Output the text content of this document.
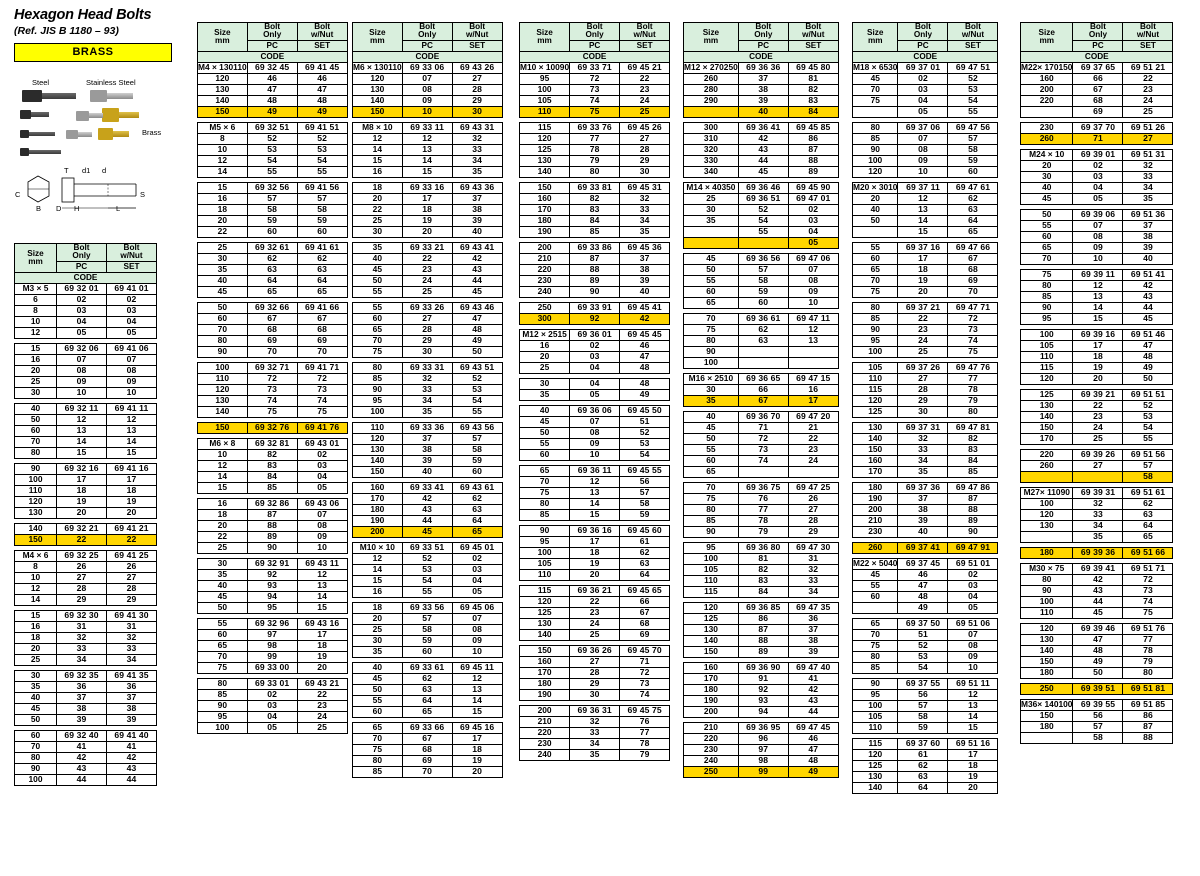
Hexagon Head Bolts
(Ref. JIS B 1180 – 93)
BRASS
Steel	Stainless Steel
Brass
C
B
T
D
d1 d
H	L
S
Size
mm	Bolt
Only	Bolt
w/Nut
	PC	SET
CODE		
M3 × 5	69 32 01	69 41 01
6	02	02
8	03	03
10	04	04
12	05	05

15	69 32 06	69 41 06
16	07	07
20	08	08
25	09	09
30	10	10

40	69 32 11	69 41 11
50	12	12
60	13	13
70	14	14
80	15	15

90	69 32 16	69 41 16
100	17	17
110	18	18
120	19	19
130	20	20

140	69 32 21	69 41 21
150	22	22

M4 × 6	69 32 25	69 41 25
8	26	26
10	27	27
12	28	28
14	29	29

15	69 32 30	69 41 30
16	31	31
18	32	32
20	33	33
25	34	34

30	69 32 35	69 41 35
35	36	36
40	37	37
45	38	38
50	39	39

60	69 32 40	69 41 40
70	41	41
80	42	42
90	43	43
100	44	44
Size
mm	Bolt
Only	Bolt
w/Nut
	PC	SET
CODE		
M4 × 130110	69 32 45	69 41 45
120	46	46
130	47	47
140	48	48
150	49	49

M5 × 6	69 32 51	69 41 51
8	52	52
10	53	53
12	54	54
14	55	55

15	69 32 56	69 41 56
16	57	57
18	58	58
20	59	59
22	60	60

25	69 32 61	69 41 61
30	62	62
35	63	63
40	64	64
45	65	65

50	69 32 66	69 41 66
60	67	67
70	68	68
80	69	69
90	70	70

100	69 32 71	69 41 71
110	72	72
120	73	73
130	74	74
140	75	75

150	69 32 76	69 41 76

M6 × 8	69 32 81	69 43 01
10	82	02
12	83	03
14	84	04
15	85	05

16	69 32 86	69 43 06
18	87	07
20	88	08
22	89	09
25	90	10

30	69 32 91	69 43 11
35	92	12
40	93	13
45	94	14
50	95	15

55	69 32 96	69 43 16
60	97	17
65	98	18
70	99	19
75	69 33 00	20

80	69 33 01	69 43 21
85	02	22
90	03	23
95	04	24
100	05	25
Size
mm	Bolt
Only	Bolt
w/Nut
	PC	SET
CODE		
M6 × 130110	69 33 06	69 43 26
120	07	27
130	08	28
140	09	29
150	10	30

M8 × 10	69 33 11	69 43 31
12	12	32
14	13	33
15	14	34
16	15	35

18	69 33 16	69 43 36
20	17	37
22	18	38
25	19	39
30	20	40

35	69 33 21	69 43 41
40	22	42
45	23	43
50	24	44
55	25	45

55	69 33 26	69 43 46
60	27	47
65	28	48
70	29	49
75	30	50

80	69 33 31	69 43 51
85	32	52
90	33	53
95	34	54
100	35	55

110	69 33 36	69 43 56
120	37	57
130	38	58
140	39	59
150	40	60

160	69 33 41	69 43 61
170	42	62
180	43	63
190	44	64
200	45	65

M10 × 10	69 33 51	69 45 01
12	52	02
14	53	03
15	54	04
16	55	05

18	69 33 56	69 45 06
20	57	07
25	58	08
30	59	09
35	60	10

40	69 33 61	69 45 11
45	62	12
50	63	13
55	64	14
60	65	15

65	69 33 66	69 45 16
70	67	17
75	68	18
80	69	19
85	70	20
Size
mm	Bolt
Only	Bolt
w/Nut
	PC	SET
CODE		
M10 × 10090	69 33 71	69 45 21
95	72	22
100	73	23
105	74	24
110	75	25

115	69 33 76	69 45 26
120	77	27
125	78	28
130	79	29
140	80	30

150	69 33 81	69 45 31
160	82	32
170	83	33
180	84	34
190	85	35

200	69 33 86	69 45 36
210	87	37
220	88	38
230	89	39
240	90	40

250	69 33 91	69 45 41
300	92	42

M12 × 2515	69 36 01	69 45 45
16	02	46
20	03	47
25	04	48

30	04	48
35	05	49

40	69 36 06	69 45 50
45	07	51
50	08	52
55	09	53
60	10	54

65	69 36 11	69 45 55
70	12	56
75	13	57
80	14	58
85	15	59

90	69 36 16	69 45 60
95	17	61
100	18	62
105	19	63
110	20	64

115	69 36 21	69 45 65
120	22	66
125	23	67
130	24	68
140	25	69

150	69 36 26	69 45 70
160	27	71
170	28	72
180	29	73
190	30	74

200	69 36 31	69 45 75
210	32	76
220	33	77
230	34	78
240	35	79
Size
mm	Bolt
Only	Bolt
w/Nut
	PC	SET
CODE		
M12 × 270250	69 36 36	69 45 80
260	37	81
280	38	82
290	39	83
	40	84

300	69 36 41	69 45 85
310	42	86
320	43	87
330	44	88
340	45	89

M14 × 40350	69 36 46	69 45 90
25	69 36 51	69 47 01
30	52	02
35	54	03
	55	04
		05

45	69 36 56	69 47 06
50	57	07
55	58	08
60	59	09
65	60	10

70	69 36 61	69 47 11
75	62	12
80	63	13
90		
100		

M16 × 2510	69 36 65	69 47 15
30	66	16
35	67	17

40	69 36 70	69 47 20
45	71	21
50	72	22
55	73	23
60	74	24
65		

70	69 36 75	69 47 25
75	76	26
80	77	27
85	78	28
90	79	29

95	69 36 80	69 47 30
100	81	31
105	82	32
110	83	33
115	84	34

120	69 36 85	69 47 35
125	86	36
130	87	37
140	88	38
150	89	39

160	69 36 90	69 47 40
170	91	41
180	92	42
190	93	43
200	94	44

210	69 36 95	69 47 45
220	96	46
230	97	47
240	98	48
250	99	49
Size
mm	Bolt
Only	Bolt
w/Nut
	PC	SET
CODE		
M18 × 6530	69 37 01	69 47 51
45	02	52
70	03	53
75	04	54
	05	55

80	69 37 06	69 47 56
85	07	57
90	08	58
100	09	59
120	10	60

M20 × 3010	69 37 11	69 47 61
20	12	62
40	13	63
50	14	64
	15	65

55	69 37 16	69 47 66
60	17	67
65	18	68
70	19	69
75	20	70

80	69 37 21	69 47 71
85	22	72
90	23	73
95	24	74
100	25	75

105	69 37 26	69 47 76
110	27	77
115	28	78
120	29	79
125	30	80

130	69 37 31	69 47 81
140	32	82
150	33	83
160	34	84
170	35	85

180	69 37 36	69 47 86
190	37	87
200	38	88
210	39	89
230	40	90

260	69 37 41	69 47 91

M22 × 5040	69 37 45	69 51 01
45	46	02
55	47	03
60	48	04
	49	05

65	69 37 50	69 51 06
70	51	07
75	52	08
80	53	09
85	54	10

90	69 37 55	69 51 11
95	56	12
100	57	13
105	58	14
110	59	15

115	69 37 60	69 51 16
120	61	17
125	62	18
130	63	19
140	64	20
Size
mm	Bolt
Only	Bolt
w/Nut
	PC	SET
CODE		
M22× 170150	69 37 65	69 51 21
160	66	22
200	67	23
220	68	24
	69	25

230	69 37 70	69 51 26
260	71	27

M24 × 10	69 39 01	69 51 31
20	02	32
30	03	33
40	04	34
45	05	35

50	69 39 06	69 51 36
55	07	37
60	08	38
65	09	39
70	10	40

75	69 39 11	69 51 41
80	12	42
85	13	43
90	14	44
95	15	45

100	69 39 16	69 51 46
105	17	47
110	18	48
115	19	49
120	20	50

125	69 39 21	69 51 51
130	22	52
140	23	53
150	24	54
170	25	55

220	69 39 26	69 51 56
260	27	57
		58

M27× 11090	69 39 31	69 51 61
100	32	62
120	33	63
130	34	64
	35	65

180	69 39 36	69 51 66

M30 × 75	69 39 41	69 51 71
80	42	72
90	43	73
100	44	74
110	45	75

120	69 39 46	69 51 76
130	47	77
140	48	78
150	49	79
180	50	80

250	69 39 51	69 51 81

M36× 140100	69 39 55	69 51 85
150	56	86
180	57	87
	58	88
